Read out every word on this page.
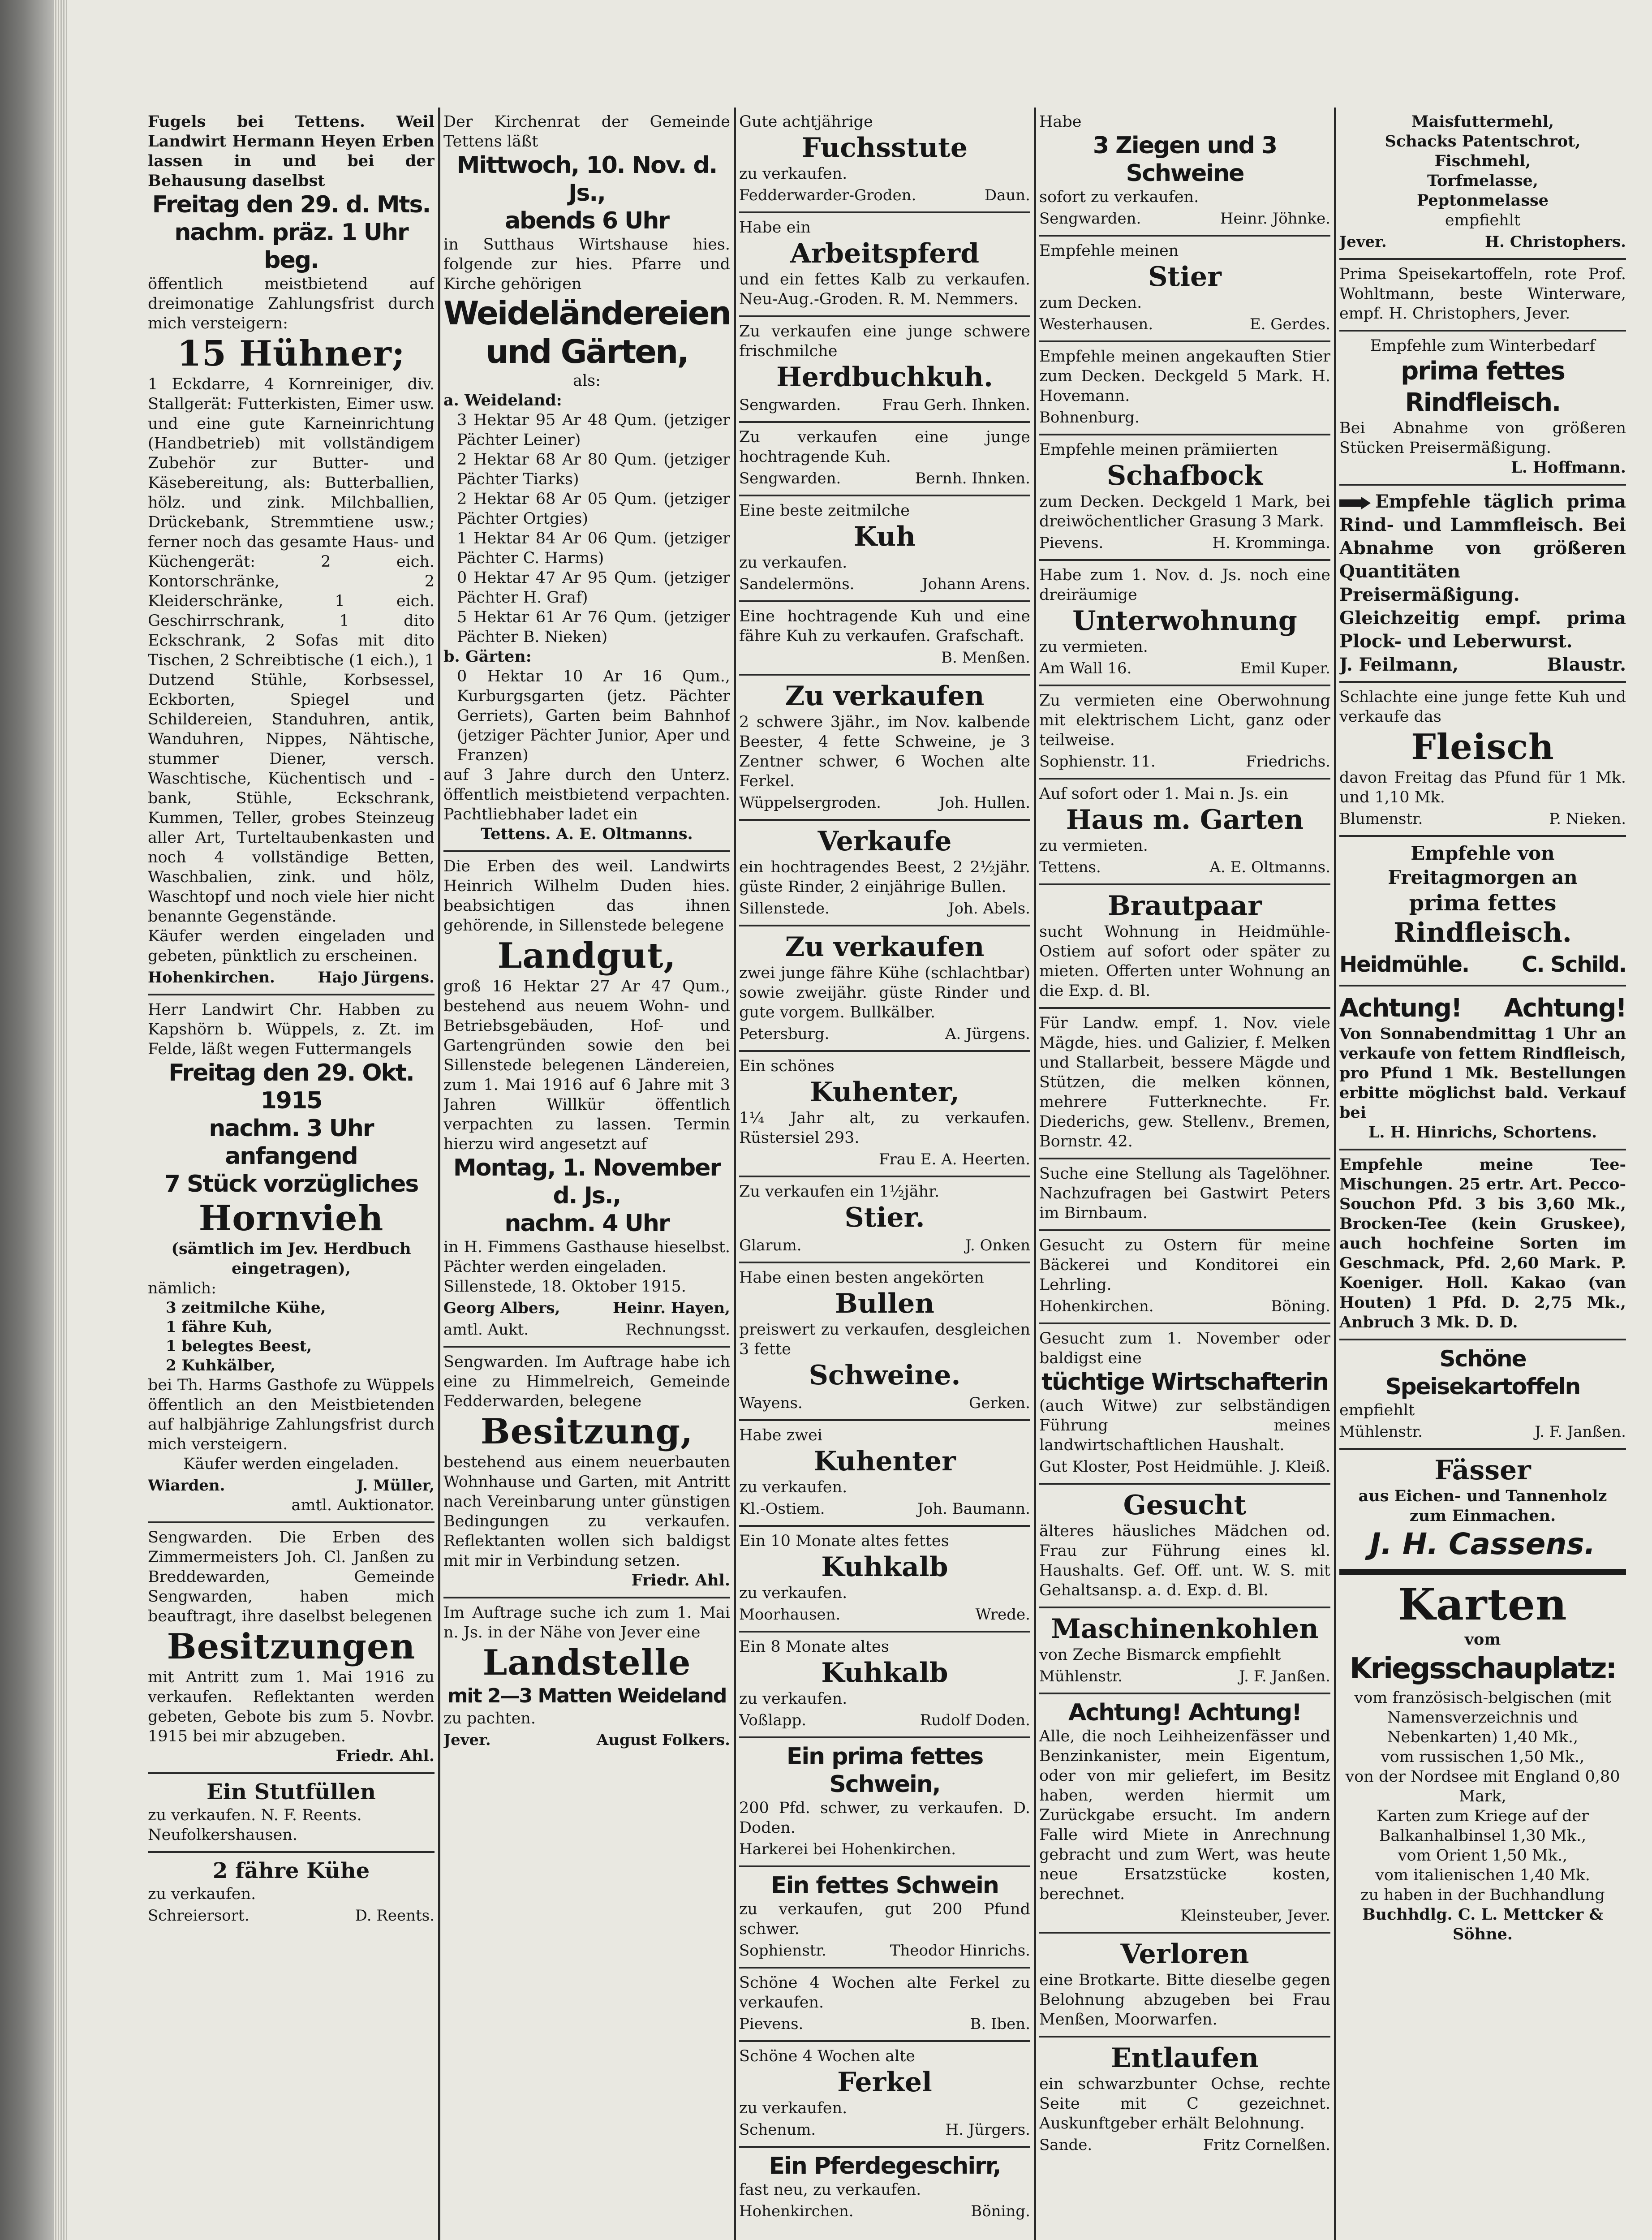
Fugels bei Tettens. Weil Landwirt Hermann Heyen Erben lassen in und bei der Behausung daselbst

Freitag den 29. d. Mts.
nachm. präz. 1 Uhr beg.

öffentlich meistbietend auf dreimonatige Zahlungsfrist durch mich versteigern:

15 Hühner;

1 Eckdarre, 4 Kornreiniger, div. Stallgerät: Futterkisten, Eimer usw. und eine gute Karneinrichtung (Handbetrieb) mit vollständigem Zubehör zur Butter- und Käsebereitung, als: Butterballien, hölz. und zink. Milchballien, Drückebank, Stremmtiene usw.; ferner noch das gesamte Haus- und Küchengerät: 2 eich. Kontorschränke, 2 Kleiderschränke, 1 eich. Geschirrschrank, 1 dito Eckschrank, 2 Sofas mit dito Tischen, 2 Schreibtische (1 eich.), 1 Dutzend Stühle, Korbsessel, Eckborten, Spiegel und Schildereien, Standuhren, antik, Wanduhren, Nippes, Nähtische, stummer Diener, versch. Waschtische, Küchentisch und -bank, Stühle, Eckschrank, Kummen, Teller, grobes Steinzeug aller Art, Turteltaubenkasten und noch 4 vollständige Betten, Waschbalien, zink. und hölz, Waschtopf und noch viele hier nicht benannte Gegenstände.

Käufer werden eingeladen und gebeten, pünktlich zu erscheinen.

Hohenkirchen.	Hajo Jürgens.

Herr Landwirt Chr. Habben zu Kapshörn b. Wüppels, z. Zt. im Felde, läßt wegen Futtermangels

Freitag den 29. Okt. 1915
nachm. 3 Uhr anfangend
7 Stück vorzügliches
Hornvieh

(sämtlich im Jev. Herdbuch eingetragen),

nämlich:

3 zeitmilche Kühe,

1 fähre Kuh,

1 belegtes Beest,

2 Kuhkälber,

bei Th. Harms Gasthofe zu Wüppels öffentlich an den Meistbietenden auf halbjährige Zahlungsfrist durch mich versteigern.

Käufer werden eingeladen.

Wiarden.	J. Müller,

amtl. Auktionator.

Sengwarden. Die Erben des Zimmermeisters Joh. Cl. Janßen zu Breddewarden, Gemeinde Sengwarden, haben mich beauftragt, ihre daselbst belegenen

Besitzungen

mit Antritt zum 1. Mai 1916 zu verkaufen. Reflektanten werden gebeten, Gebote bis zum 5. Novbr. 1915 bei mir abzugeben.

Friedr. Ahl.

Ein Stutfüllen

zu verkaufen. N. F. Reents.

Neufolkershausen.

2 fähre Kühe

zu verkaufen.

Schreiersort.	D. Reents.

Der Kirchenrat der Gemeinde Tettens läßt

Mittwoch, 10. Nov. d. Js.,
abends 6 Uhr

in Sutthaus Wirtshause hies. folgende zur hies. Pfarre und Kirche gehörigen

Weideländereien
und Gärten,

als:

a. Weideland:

3 Hektar 95 Ar 48 Qum. (jetziger Pächter Leiner)

2 Hektar 68 Ar 80 Qum. (jetziger Pächter Tiarks)

2 Hektar 68 Ar 05 Qum. (jetziger Pächter Ortgies)

1 Hektar 84 Ar 06 Qum. (jetziger Pächter C. Harms)

0 Hektar 47 Ar 95 Qum. (jetziger Pächter H. Graf)

5 Hektar 61 Ar 76 Qum. (jetziger Pächter B. Nieken)

b. Gärten:

0 Hektar 10 Ar 16 Qum., Kurburgsgarten (jetz. Pächter Gerriets), Garten beim Bahnhof (jetziger Pächter Junior, Aper und Franzen)

auf 3 Jahre durch den Unterz. öffentlich meistbietend verpachten. Pachtliebhaber ladet ein

Tettens. A. E. Oltmanns.

Die Erben des weil. Landwirts Heinrich Wilhelm Duden hies. beabsichtigen das ihnen gehörende, in Sillenstede belegene

Landgut,

groß 16 Hektar 27 Ar 47 Qum., bestehend aus neuem Wohn- und Betriebsgebäuden, Hof- und Gartengründen sowie den bei Sillenstede belegenen Ländereien, zum 1. Mai 1916 auf 6 Jahre mit 3 Jahren Willkür öffentlich verpachten zu lassen. Termin hierzu wird angesetzt auf

Montag, 1. November d. Js.,
nachm. 4 Uhr

in H. Fimmens Gasthause hieselbst. Pächter werden eingeladen.

Sillenstede, 18. Oktober 1915.

Georg Albers,	Heinr. Hayen,
amtl. Aukt.	Rechnungsst.

Sengwarden. Im Auftrage habe ich eine zu Himmelreich, Gemeinde Fedderwarden, belegene

Besitzung,

bestehend aus einem neuerbauten Wohnhause und Garten, mit Antritt nach Vereinbarung unter günstigen Bedingungen zu verkaufen. Reflektanten wollen sich baldigst mit mir in Verbindung setzen.

Friedr. Ahl.

Im Auftrage suche ich zum 1. Mai n. Js. in der Nähe von Jever eine

Landstelle
mit 2—3 Matten Weideland

zu pachten.

Jever.	August Folkers.

Gute achtjährige

Fuchsstute

zu verkaufen.

Fedderwarder-Groden.	Daun.

Habe ein

Arbeitspferd

und ein fettes Kalb zu verkaufen. Neu-Aug.-Groden. R. M. Nemmers.

Zu verkaufen eine junge schwere frischmilche

Herdbuchkuh.
Sengwarden.	Frau Gerh. Ihnken.

Zu verkaufen eine junge hochtragende Kuh.

Sengwarden.	Bernh. Ihnken.

Eine beste zeitmilche

Kuh

zu verkaufen.

Sandelermöns.	Johann Arens.

Eine hochtragende Kuh und eine fähre Kuh zu verkaufen. Grafschaft.

B. Menßen.
Zu verkaufen

2 schwere 3jähr., im Nov. kalbende Beester, 4 fette Schweine, je 3 Zentner schwer, 6 Wochen alte Ferkel.

Wüppelsergroden.	Joh. Hullen.
Verkaufe

ein hochtragendes Beest, 2 2½jähr. güste Rinder, 2 einjährige Bullen.

Sillenstede.	Joh. Abels.
Zu verkaufen

zwei junge fähre Kühe (schlachtbar) sowie zweijähr. güste Rinder und gute vorgem. Bullkälber.

Petersburg.	A. Jürgens.

Ein schönes

Kuhenter,

1¼ Jahr alt, zu verkaufen. Rüstersiel 293.

Frau E. A. Heerten.

Zu verkaufen ein 1½jähr.

Stier.
Glarum.	J. Onken

Habe einen besten angekörten

Bullen

preiswert zu verkaufen, desgleichen 3 fette

Schweine.
Wayens.	Gerken.

Habe zwei

Kuhenter

zu verkaufen.

Kl.-Ostiem.	Joh. Baumann.

Ein 10 Monate altes fettes

Kuhkalb

zu verkaufen.

Moorhausen.	Wrede.

Ein 8 Monate altes

Kuhkalb

zu verkaufen.

Voßlapp.	Rudolf Doden.
Ein prima fettes Schwein,

200 Pfd. schwer, zu verkaufen. D. Doden.

Harkerei bei Hohenkirchen.
Ein fettes Schwein

zu verkaufen, gut 200 Pfund schwer.

Sophienstr.	Theodor Hinrichs.

Schöne 4 Wochen alte Ferkel zu verkaufen.

Pievens.	B. Iben.

Schöne 4 Wochen alte

Ferkel

zu verkaufen.

Schenum.	H. Jürgers.
Ein Pferdegeschirr,

fast neu, zu verkaufen.

Hohenkirchen.	Böning.

Habe

3 Ziegen und 3 Schweine

sofort zu verkaufen.

Sengwarden.	Heinr. Jöhnke.

Empfehle meinen

Stier

zum Decken.

Westerhausen.	E. Gerdes.

Empfehle meinen angekauften Stier zum Decken. Deckgeld 5 Mark. H. Hovemann.

Bohnenburg.

Empfehle meinen prämiierten

Schafbock

zum Decken. Deckgeld 1 Mark, bei dreiwöchentlicher Grasung 3 Mark.

Pievens.	H. Kromminga.

Habe zum 1. Nov. d. Js. noch eine dreiräumige

Unterwohnung

zu vermieten.

Am Wall 16.	Emil Kuper.

Zu vermieten eine Oberwohnung mit elektrischem Licht, ganz oder teilweise.

Sophienstr. 11.	Friedrichs.

Auf sofort oder 1. Mai n. Js. ein

Haus m. Garten

zu vermieten.

Tettens.	A. E. Oltmanns.
Brautpaar

sucht Wohnung in Heidmühle-Ostiem auf sofort oder später zu mieten. Offerten unter Wohnung an die Exp. d. Bl.

Für Landw. empf. 1. Nov. viele Mägde, hies. und Galizier, f. Melken und Stallarbeit, bessere Mägde und Stützen, die melken können, mehrere Futterknechte. Fr. Diederichs, gew. Stellenv., Bremen, Bornstr. 42.

Suche eine Stellung als Tagelöhner. Nachzufragen bei Gastwirt Peters im Birnbaum.

Gesucht zu Ostern für meine Bäckerei und Konditorei ein Lehrling.

Hohenkirchen.	Böning.

Gesucht zum 1. November oder baldigst eine

tüchtige Wirtschafterin

(auch Witwe) zur selbständigen Führung meines landwirtschaftlichen Haushalt.

Gut Kloster, Post Heidmühle. J. Kleiß.
Gesucht

älteres häusliches Mädchen od. Frau zur Führung eines kl. Haushalts. Gef. Off. unt. W. S. mit Gehaltsansp. a. d. Exp. d. Bl.

Maschinenkohlen

von Zeche Bismarck empfiehlt

Mühlenstr.	J. F. Janßen.
Achtung! Achtung!

Alle, die noch Leihheizenfässer und Benzinkanister, mein Eigentum, oder von mir geliefert, im Besitz haben, werden hiermit um Zurückgabe ersucht. Im andern Falle wird Miete in Anrechnung gebracht und zum Wert, was heute neue Ersatzstücke kosten, berechnet.

Kleinsteuber, Jever.
Verloren

eine Brotkarte. Bitte dieselbe gegen Belohnung abzugeben bei Frau Menßen, Moorwarfen.

Entlaufen

ein schwarzbunter Ochse, rechte Seite mit C gezeichnet. Auskunftgeber erhält Belohnung.

Sande.	Fritz Cornelßen.

Maisfuttermehl,

Schacks Patentschrot,

Fischmehl,

Torfmelasse,

Peptonmelasse

empfiehlt

Jever.	H. Christophers.

Prima Speisekartoffeln, rote Prof. Wohltmann, beste Winterware, empf. H. Christophers, Jever.

Empfehle zum Winterbedarf

prima fettes Rindfleisch.

Bei Abnahme von größeren Stücken Preisermäßigung.

L. Hoffmann.

Empfehle täglich prima Rind- und Lammfleisch. Bei Abnahme von größeren Quantitäten Preisermäßigung. Gleichzeitig empf. prima Plock- und Leberwurst.

J. Feilmann,	Blaustr.

Schlachte eine junge fette Kuh und verkaufe das

Fleisch

davon Freitag das Pfund für 1 Mk. und 1,10 Mk.

Blumenstr.	P. Nieken.

Empfehle von Freitagmorgen an

prima fettes
Rindfleisch.
Heidmühle. C. Schild.
Achtung! Achtung!

Von Sonnabendmittag 1 Uhr an verkaufe von fettem Rindfleisch, pro Pfund 1 Mk. Bestellungen erbitte möglichst bald. Verkauf bei

L. H. Hinrichs, Schortens.

Empfehle meine Tee-Mischungen. 25 ertr. Art. Pecco-Souchon Pfd. 3 bis 3,60 Mk., Brocken-Tee (kein Gruskee), auch hochfeine Sorten im Geschmack, Pfd. 2,60 Mark. P. Koeniger. Holl. Kakao (van Houten) 1 Pfd. D. 2,75 Mk., Anbruch 3 Mk. D. D.

Schöne Speisekartoffeln

empfiehlt

Mühlenstr.	J. F. Janßen.
Fässer

aus Eichen- und Tannenholz zum Einmachen.

J. H. Cassens.
Karten

vom

Kriegsschauplatz:

vom französisch-belgischen (mit Namensverzeichnis und Nebenkarten) 1,40 Mk.,

vom russischen 1,50 Mk.,

von der Nordsee mit England 0,80 Mark,

Karten zum Kriege auf der Balkanhalbinsel 1,30 Mk.,

vom Orient 1,50 Mk.,

vom italienischen 1,40 Mk.

zu haben in der Buchhandlung

Buchhdlg. C. L. Mettcker & Söhne.
